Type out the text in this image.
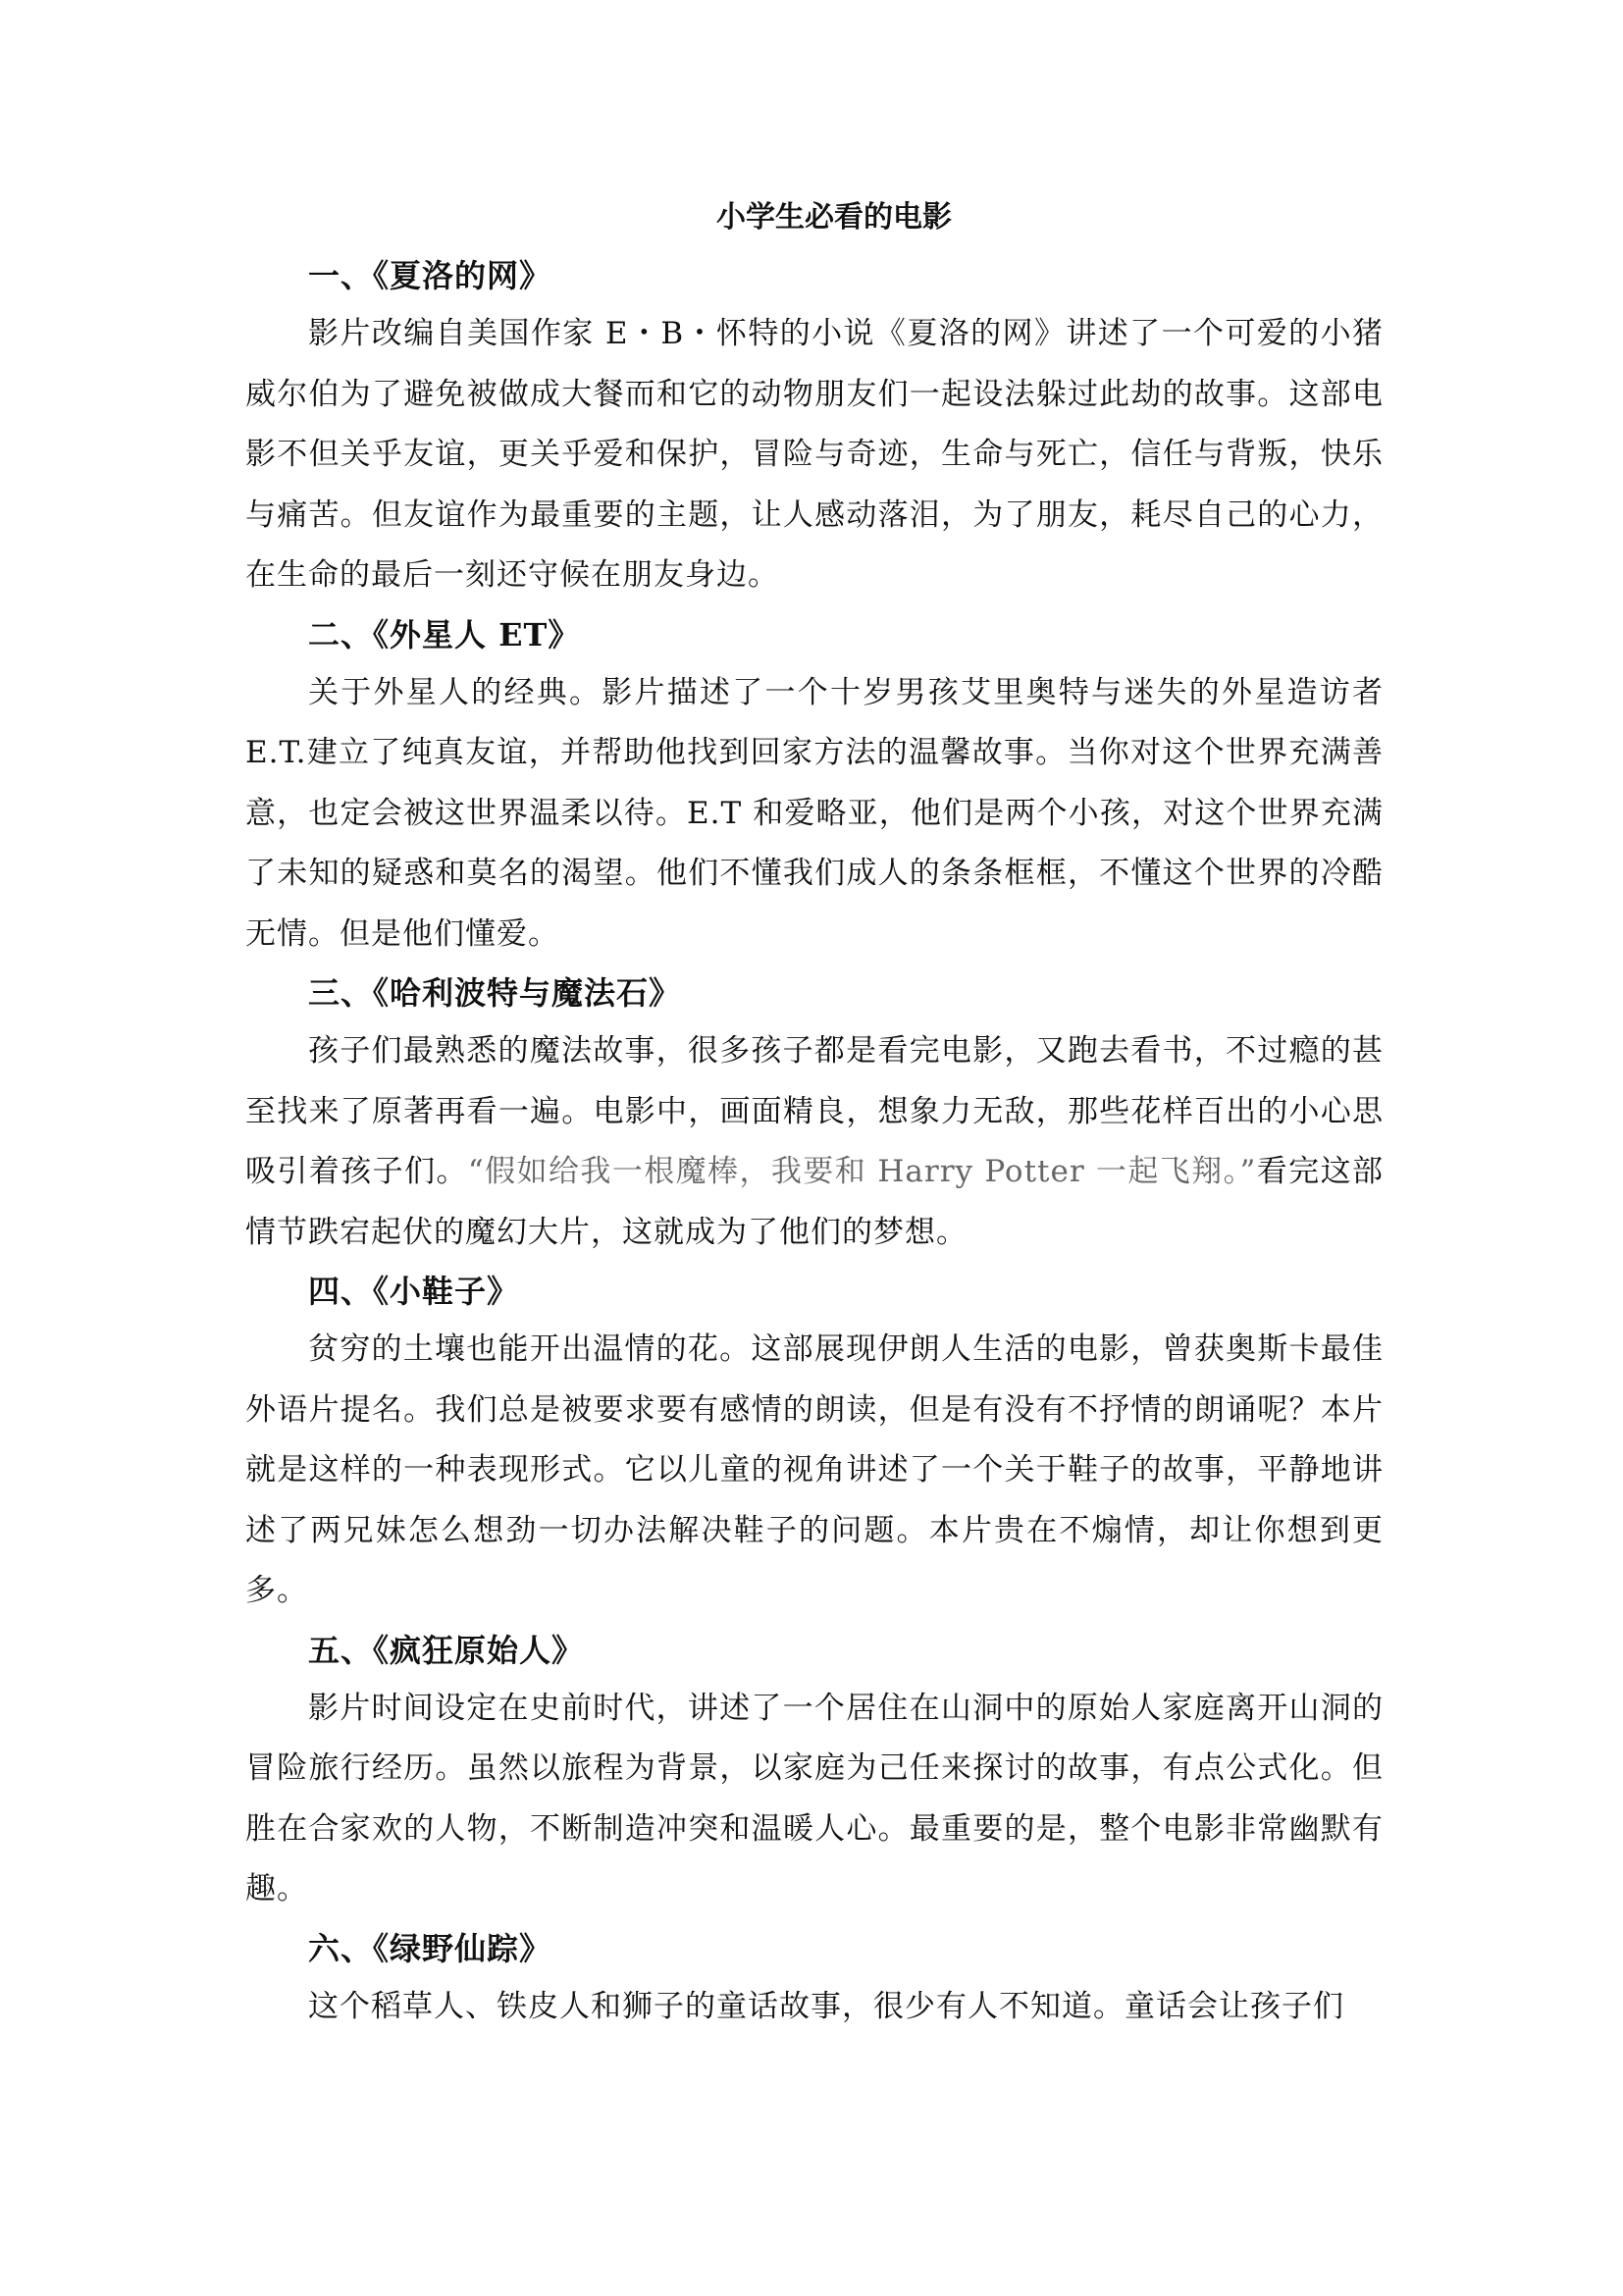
小学生必看的电影
一、《夏洛的网》

影片改编自美国作家 E・B・怀特的小说《夏洛的网》讲述了一个可爱的小猪威尔伯为了避免被做成大餐而和它的动物朋友们一起设法躲过此劫的故事。这部电影不但关乎友谊，更关乎爱和保护，冒险与奇迹，生命与死亡，信任与背叛，快乐与痛苦。但友谊作为最重要的主题，让人感动落泪，为了朋友，耗尽自己的心力，在生命的最后一刻还守候在朋友身边。

二、《外星人 ET》

关于外星人的经典。影片描述了一个十岁男孩艾里奥特与迷失的外星造访者 E.T.建立了纯真友谊，并帮助他找到回家方法的温馨故事。当你对这个世界充满善意，也定会被这世界温柔以待。E.T 和爱略亚，他们是两个小孩，对这个世界充满了未知的疑惑和莫名的渴望。他们不懂我们成人的条条框框，不懂这个世界的冷酷无情。但是他们懂爱。

三、《哈利波特与魔法石》

孩子们最熟悉的魔法故事，很多孩子都是看完电影，又跑去看书，不过瘾的甚至找来了原著再看一遍。电影中，画面精良，想象力无敌，那些花样百出的小心思吸引着孩子们。“假如给我一根魔棒，我要和 Harry Potter 一起飞翔。”看完这部情节跌宕起伏的魔幻大片，这就成为了他们的梦想。

四、《小鞋子》

贫穷的土壤也能开出温情的花。这部展现伊朗人生活的电影，曾获奥斯卡最佳外语片提名。我们总是被要求要有感情的朗读，但是有没有不抒情的朗诵呢？本片就是这样的一种表现形式。它以儿童的视角讲述了一个关于鞋子的故事，平静地讲述了两兄妹怎么想劲一切办法解决鞋子的问题。本片贵在不煽情，却让你想到更多。

五、《疯狂原始人》

影片时间设定在史前时代，讲述了一个居住在山洞中的原始人家庭离开山洞的冒险旅行经历。虽然以旅程为背景，以家庭为己任来探讨的故事，有点公式化。但胜在合家欢的人物，不断制造冲突和温暖人心。最重要的是，整个电影非常幽默有趣。

六、《绿野仙踪》

这个稻草人、铁皮人和狮子的童话故事，很少有人不知道。童话会让孩子们
